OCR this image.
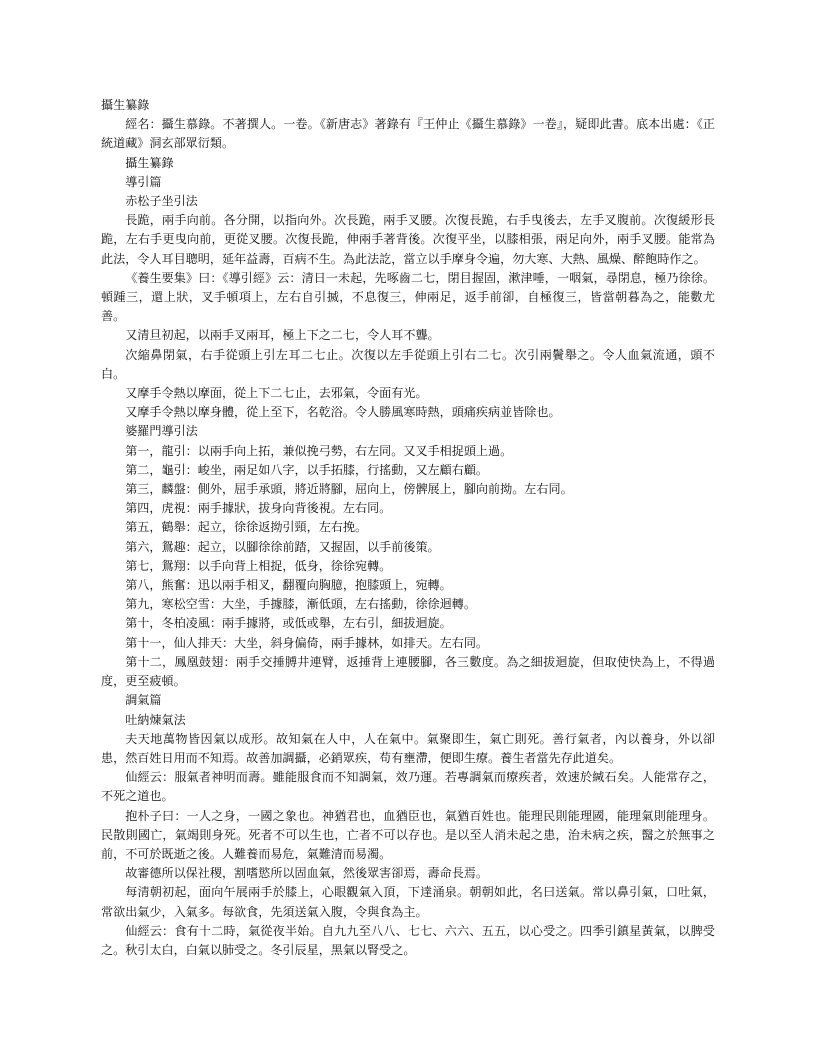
攝生纂錄

經名：攝生慕錄。不著撰人。一卷。《新唐志》著錄有『王仲止《攝生慕錄》一卷』，疑即此書。底本出處：《正統道藏》洞玄部眾衍類。

攝生纂錄

導引篇

赤松子坐引法

長跪，兩手向前。各分開，以指向外。次長跪，兩手叉腰。次復長跪，右手曳後去，左手叉腹前。次復緩形長跪，左右手更曳向前，更從叉腰。次復長跪，伸兩手著背後。次復平坐，以膝相張，兩足向外，兩手叉腰。能常為此法，令人耳目聰明，延年益壽，百病不生。為此法訖，當立以手摩身令遍，勿大寒、大熱、風燥、醉飽時作之。

《養生要集》曰：《導引經》云：清日一未起，先啄齒二七，閉目握固，漱津唾，一咽氣，尋閉息，極乃徐徐。頓踵三，還上狀，叉手頓項上，左右自引搣，不息復三，伸兩足，返手前卻，自極復三，皆當朝暮為之，能數尤善。

又清旦初起，以兩手叉兩耳，極上下之二七，令人耳不聾。

次縮鼻閉氣，右手從頭上引左耳二七止。次復以左手從頭上引右二七。次引兩鬢舉之。令人血氣流通，頭不白。

又摩手令熱以摩面，從上下二七止，去邪氣，令面有光。

又摩手令熱以摩身體，從上至下，名乾浴。令人勝風寒時熱，頭痛疾病並皆除也。

婆羅門導引法

第一，龍引：以兩手向上拓，兼似挽弓勢，右左同。又叉手相捉頭上過。

第二，龜引：峻坐，兩足如八字，以手拓膝，行搖動，又左顧右顧。

第三，麟盤：側外，屈手承頭，將近將腳，屈向上，傍髀展上，腳向前拗。左右同。

第四，虎視：兩手據狀，拔身向背後視。左右同。

第五，鶴舉：起立，徐徐返拗引頸，左右挽。

第六，鴛趣：起立，以腳徐徐前踏，又握固，以手前後策。

第七，鴛翔：以手向背上相捉，低身，徐徐宛轉。

第八，熊奮：迅以兩手相叉，翻覆向胸臆，抱膝頭上，宛轉。

第九，寒松空雪：大坐，手據膝，漸低頭，左右搖動，徐徐迴轉。

第十，冬柏凌風：兩手據將，或低或舉，左右引，細拔迴旋。

第十一，仙人排天：大坐，斜身偏倚，兩手據林，如排天。左右同。

第十二，鳳凰鼓翅：兩手交捶膊井連臂，返捶背上連腰腳，各三數度。為之細拔迴旋，但取使快為上，不得過度，更至疲頓。

調氣篇

吐納煉氣法

夫天地萬物皆因氣以成形。故知氣在人中，人在氣中。氣聚即生，氣亡則死。善行氣者，內以養身，外以卻患，然百姓日用而不知焉。故善加調攝，必銷眾疾，苟有壅滯，便即生療。養生者當先存此道矣。

仙經云：服氣者神明而壽。雖能服食而不知調氣，效乃運。若專調氣而療疾者，效速於緘石矣。人能常存之，不死之道也。

抱朴子曰：一人之身，一國之象也。神猶君也，血猶臣也，氣猶百姓也。能理民則能理國，能理氣則能理身。民散則國亡，氣竭則身死。死者不可以生也，亡者不可以存也。是以至人消未起之患，治未病之疾，醫之於無事之前，不可於既逝之後。人難養而易危，氣難清而易濁。

故審德所以保社稷，割嗜慾所以固血氣，然後眾害卻焉，壽命長焉。

每清朝初起，面向午展兩手於膝上，心眼觀氣入頂，下達涌泉。朝朝如此，名曰送氣。常以鼻引氣，口吐氣，常欲出氣少，入氣多。每欲食，先須送氣入腹，令與食為主。

仙經云：食有十二時，氣從夜半始。自九九至八八、七七、六六、五五，以心受之。四季引鎮星黃氣，以脾受之。秋引太白，白氣以肺受之。冬引辰星，黑氣以腎受之。
